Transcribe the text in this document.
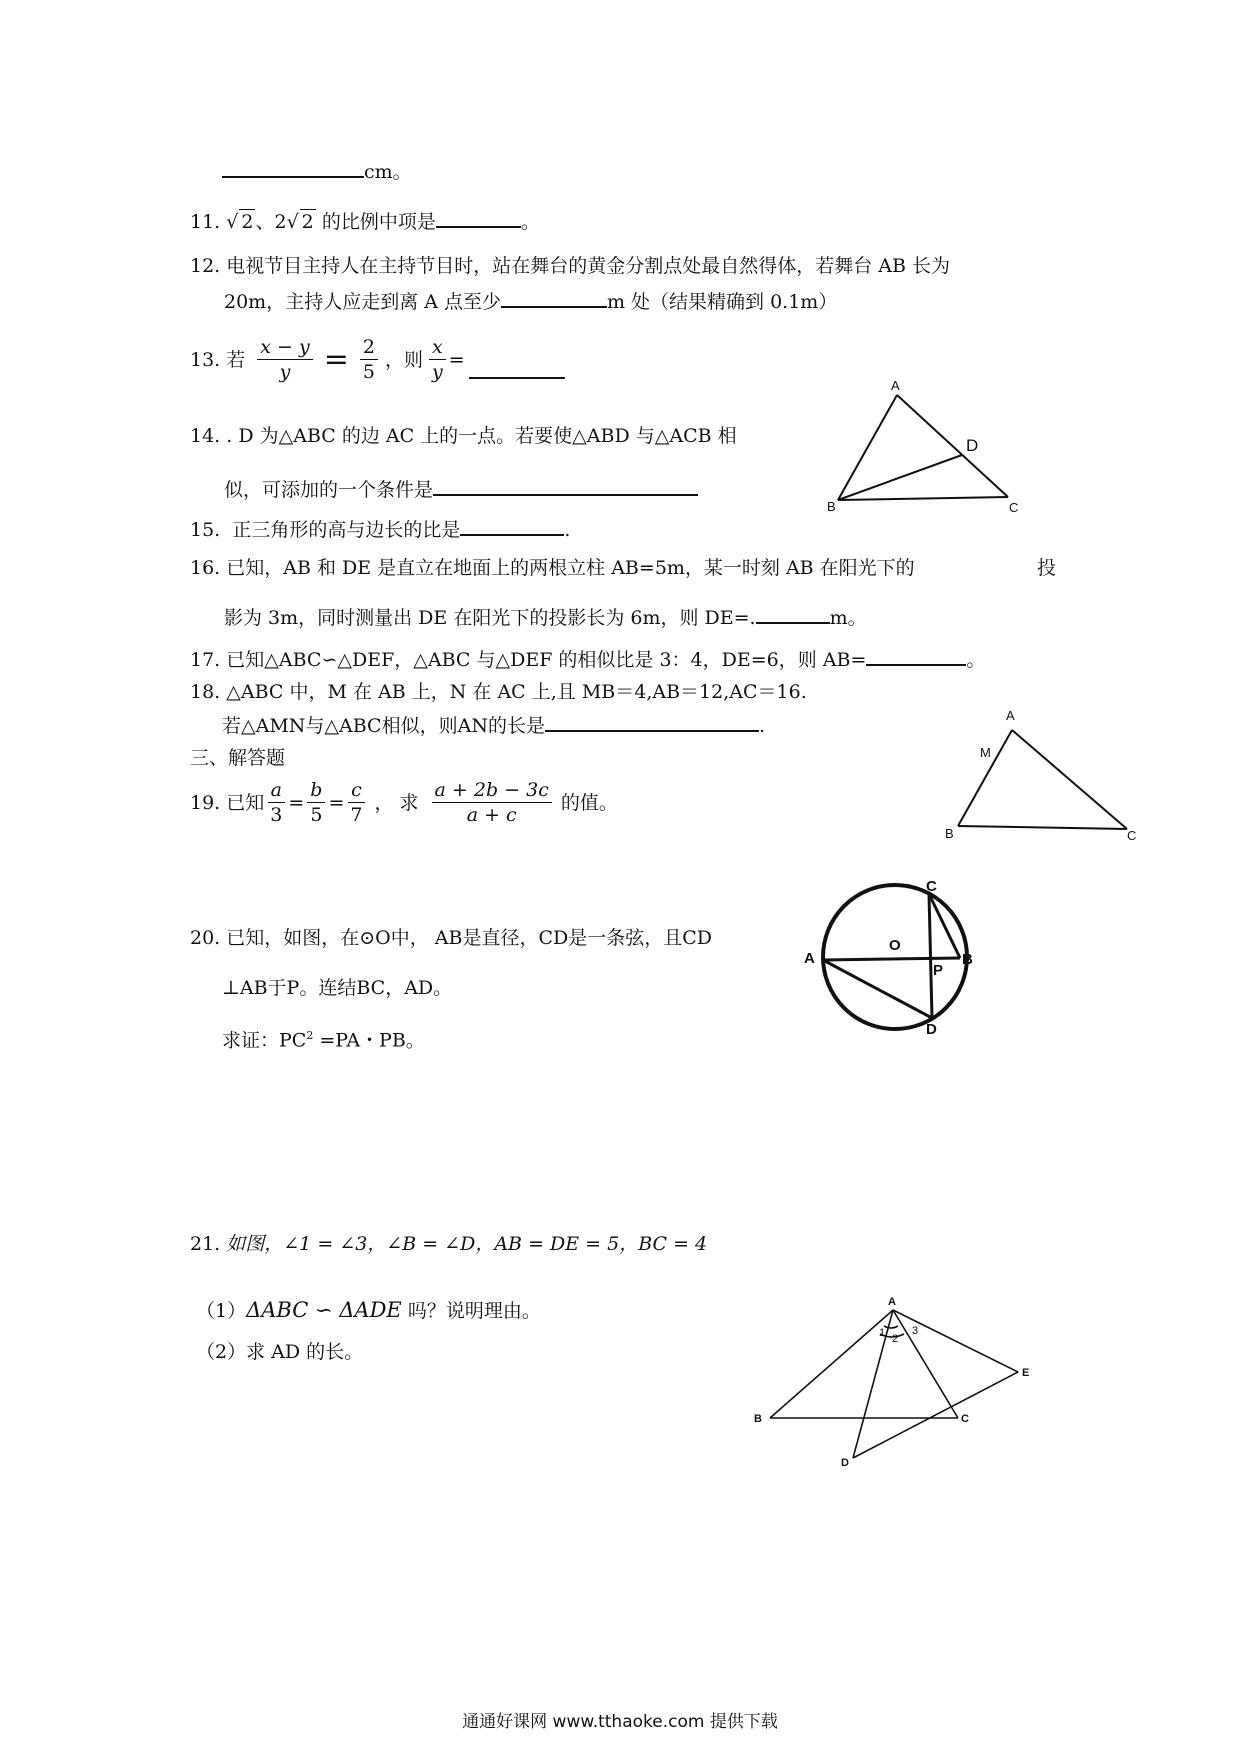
cm。
11. √ 2 、2√ 2 的比例中项是	。
12. 电视节目主持人在主持节目时，站在舞台的黄金分割点处最自然得体，若舞台 AB 长为
20m，主持人应走到离 A 点至少	m 处（结果精确到 0.1m）
13.
若 $\frac{x - y}{y} = \frac{2}{5}$ ，则 $\frac{x}{y}$ =
14. . D 为△ABC 的边 AC 上的一点。若要使△ABD 与△ACB 相
似，可添加的一个条件是
15. 正三角形的高与边长的比是	.
16. 已知，AB 和 DE 是直立在地面上的两根立柱 AB=5m，某一时刻 AB 在阳光下的	投
影为 3m，同时测量出 DE 在阳光下的投影长为 6m，则 DE=.	m。
17. 已知△ABC∽△DEF，△ABC 与△DEF 的相似比是 3：4，DE=6，则 AB=	。
18. △ABC 中，M 在 AB 上，N 在 AC 上,且 MB＝4,AB＝12,AC＝16.
若△AMN与△ABC相似，则AN的长是	.
三、解答题
19.
已知 $\frac{a}{3} = \frac{b}{5} = \frac{c}{7}$ ， 求 $\frac{a + 2b - 3c}{a + c}$ 的值。
20. 已知，如图，在⊙O中， AB是直径，CD是一条弦，且CD
⊥AB于P。连结BC，AD。
求证：$PC^2 =PA$・PB。
21. 如图，∠1 = ∠3，∠B = ∠D，AB = DE = 5，BC = 4
（1）ΔABC ∽ ΔADE 吗？说明理由。
（2）求 AD 的长。
A
D
B	C
A
M
B	C
C
O
A
P
B
D
A
1 2
3
E
B	C
D
通通好课网 www.tthaoke.com 提供下载
